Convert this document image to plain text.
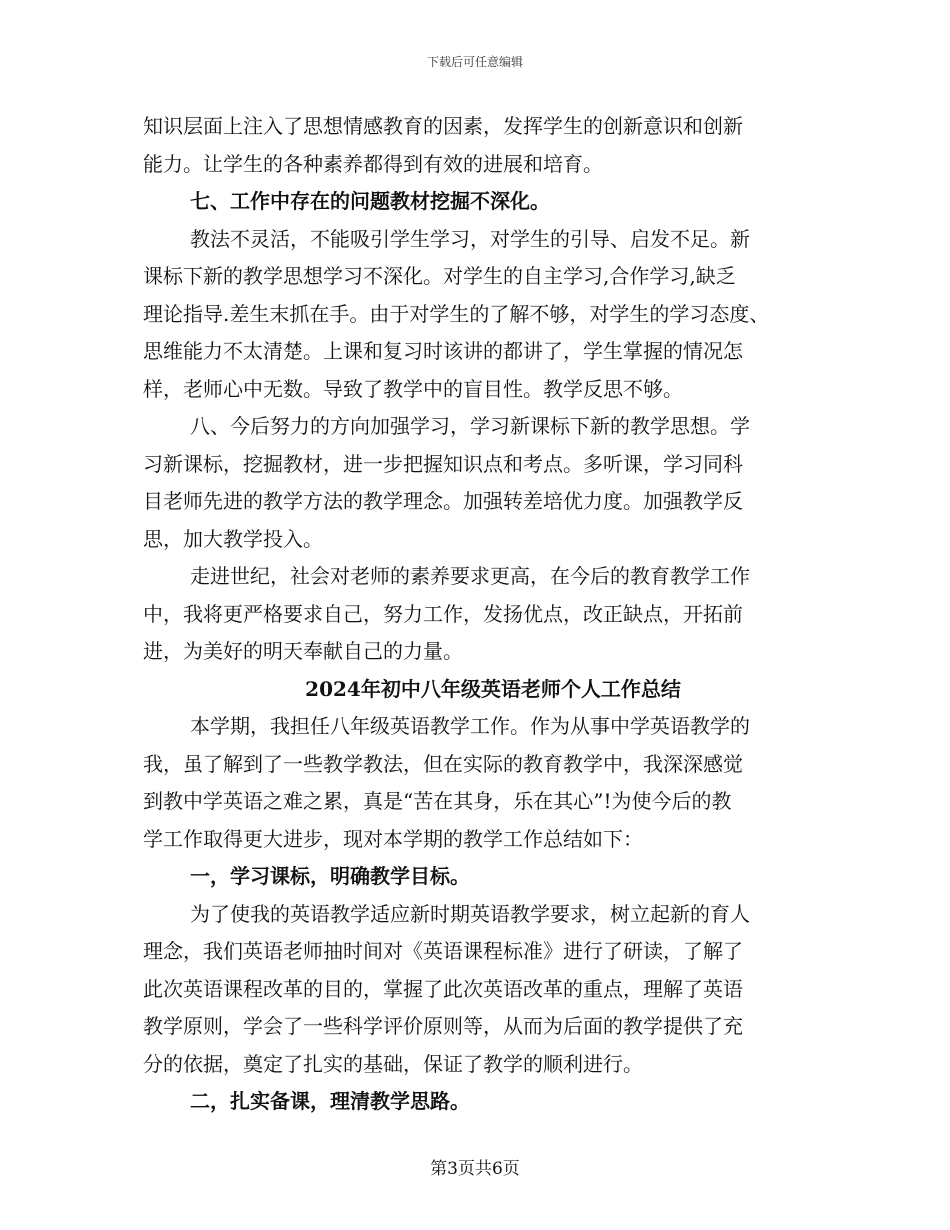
下载后可任意编辑
知识层面上注入了思想情感教育的因素，发挥学生的创新意识和创新
能力。让学生的各种素养都得到有效的进展和培育。
七、工作中存在的问题教材挖掘不深化。
教法不灵活，不能吸引学生学习，对学生的引导、启发不足。新
课标下新的教学思想学习不深化。对学生的自主学习,合作学习,缺乏
理论指导.差生末抓在手。由于对学生的了解不够，对学生的学习态度、
思维能力不太清楚。上课和复习时该讲的都讲了，学生掌握的情况怎
样，老师心中无数。导致了教学中的盲目性。教学反思不够。
八、今后努力的方向加强学习，学习新课标下新的教学思想。学
习新课标，挖掘教材，进一步把握知识点和考点。多听课，学习同科
目老师先进的教学方法的教学理念。加强转差培优力度。加强教学反
思，加大教学投入。
走进世纪，社会对老师的素养要求更高，在今后的教育教学工作
中，我将更严格要求自己，努力工作，发扬优点，改正缺点，开拓前
进，为美好的明天奉献自己的力量。
2024年初中八年级英语老师个人工作总结
本学期，我担任八年级英语教学工作。作为从事中学英语教学的
我，虽了解到了一些教学教法，但在实际的教育教学中，我深深感觉
到教中学英语之难之累，真是“苦在其身，乐在其心”!为使今后的教
学工作取得更大进步，现对本学期的教学工作总结如下：
一，学习课标，明确教学目标。
为了使我的英语教学适应新时期英语教学要求，树立起新的育人
理念，我们英语老师抽时间对《英语课程标准》进行了研读，了解了
此次英语课程改革的目的，掌握了此次英语改革的重点，理解了英语
教学原则，学会了一些科学评价原则等，从而为后面的教学提供了充
分的依据，奠定了扎实的基础，保证了教学的顺利进行。
二，扎实备课，理清教学思路。
第3页共6页
